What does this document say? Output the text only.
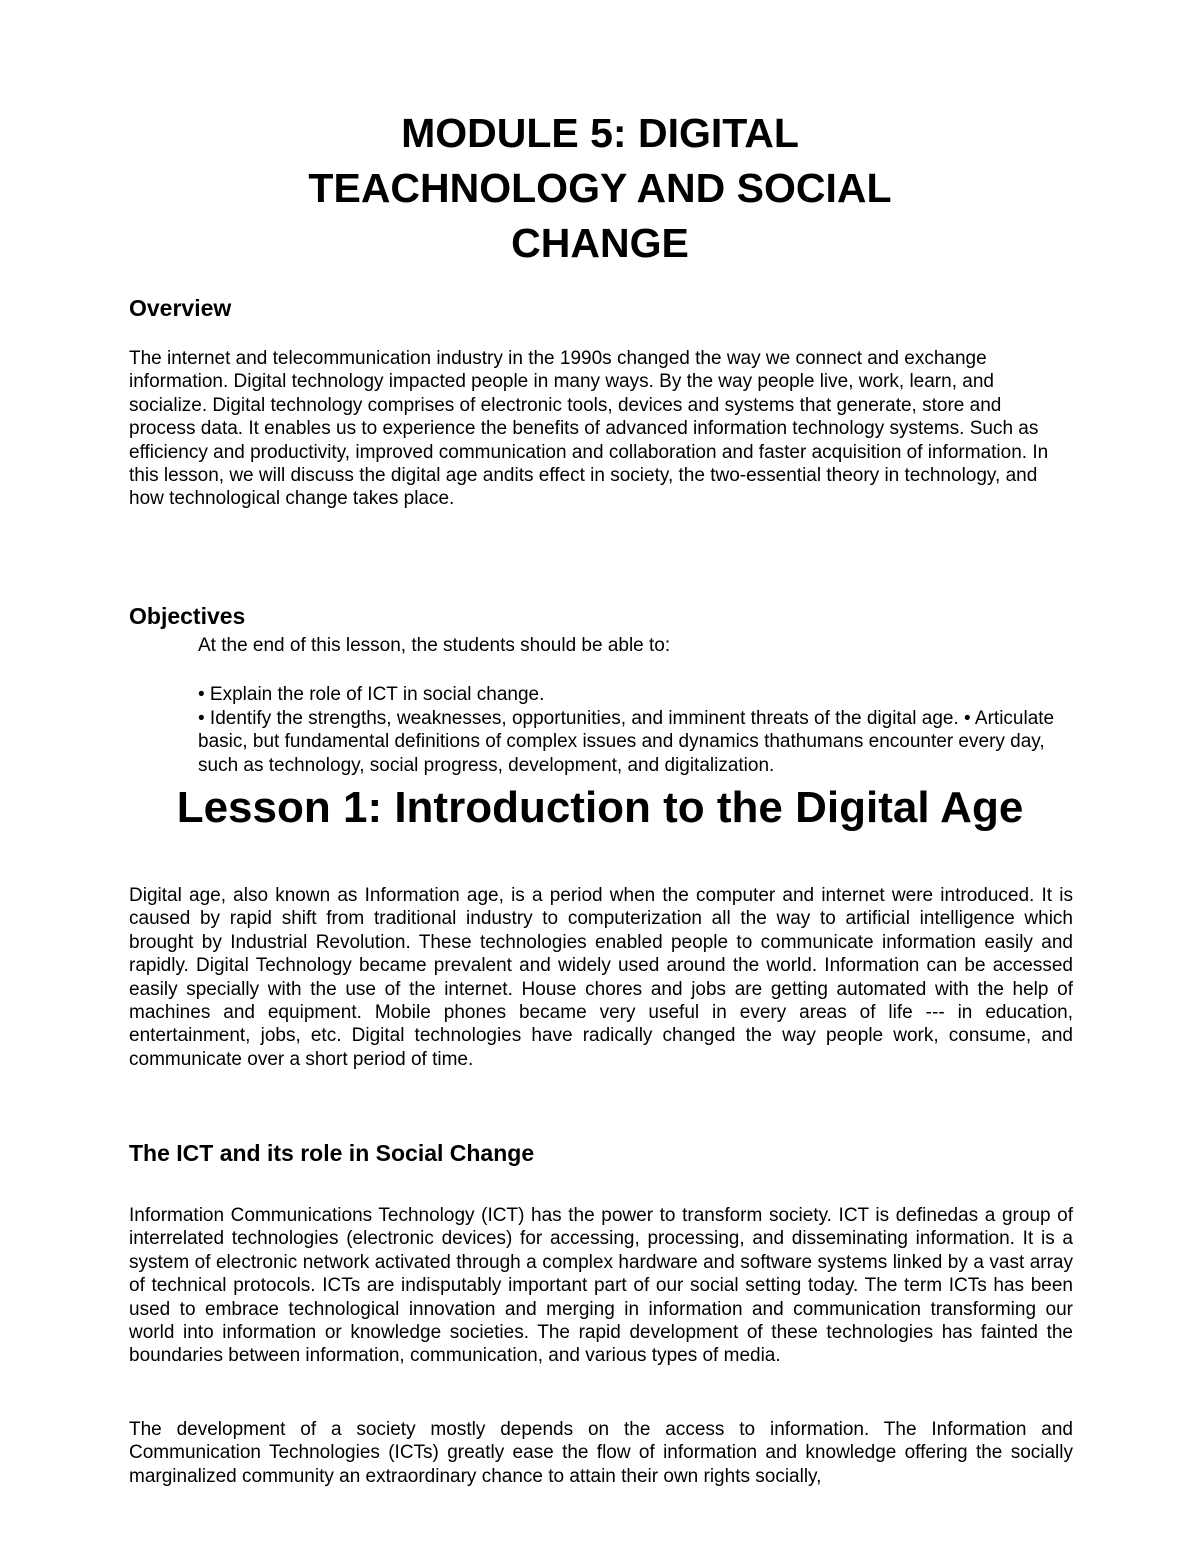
MODULE 5: DIGITAL
TEACHNOLOGY AND SOCIAL
CHANGE
Overview

The internet and telecommunication industry in the 1990s changed the way we connect and exchange information. Digital technology impacted people in many ways. By the way people live, work, learn, and socialize. Digital technology comprises of electronic tools, devices and systems that generate, store and process data. It enables us to experience the benefits of advanced information technology systems. Such as efficiency and productivity, improved communication and collaboration and faster acquisition of information. In this lesson, we will discuss the digital age andits effect in society, the two-essential theory in technology, and how technological change takes place.

Objectives

At the end of this lesson, the students should be able to:

• Explain the role of ICT in social change.

• Identify the strengths, weaknesses, opportunities, and imminent threats of the digital age. • Articulate basic, but fundamental definitions of complex issues and dynamics thathumans encounter every day, such as technology, social progress, development, and digitalization.

Lesson 1: Introduction to the Digital Age

Digital age, also known as Information age, is a period when the computer and internet were introduced. It is caused by rapid shift from traditional industry to computerization all the way to artificial intelligence which brought by Industrial Revolution. These technologies enabled people to communicate information easily and rapidly. Digital Technology became prevalent and widely used around the world. Information can be accessed easily specially with the use of the internet. House chores and jobs are getting automated with the help of machines and equipment. Mobile phones became very useful in every areas of life --- in education, entertainment, jobs, etc. Digital technologies have radically changed the way people work, consume, and communicate over a short period of time.

The ICT and its role in Social Change

Information Communications Technology (ICT) has the power to transform society. ICT is definedas a group of interrelated technologies (electronic devices) for accessing, processing, and disseminating information. It is a system of electronic network activated through a complex hardware and software systems linked by a vast array of technical protocols. ICTs are indisputably important part of our social setting today. The term ICTs has been used to embrace technological innovation and merging in information and communication transforming our world into information or knowledge societies. The rapid development of these technologies has fainted the boundaries between information, communication, and various types of media.

The development of a society mostly depends on the access to information. The Information and Communication Technologies (ICTs) greatly ease the flow of information and knowledge offering the socially marginalized community an extraordinary chance to attain their own rights socially,
